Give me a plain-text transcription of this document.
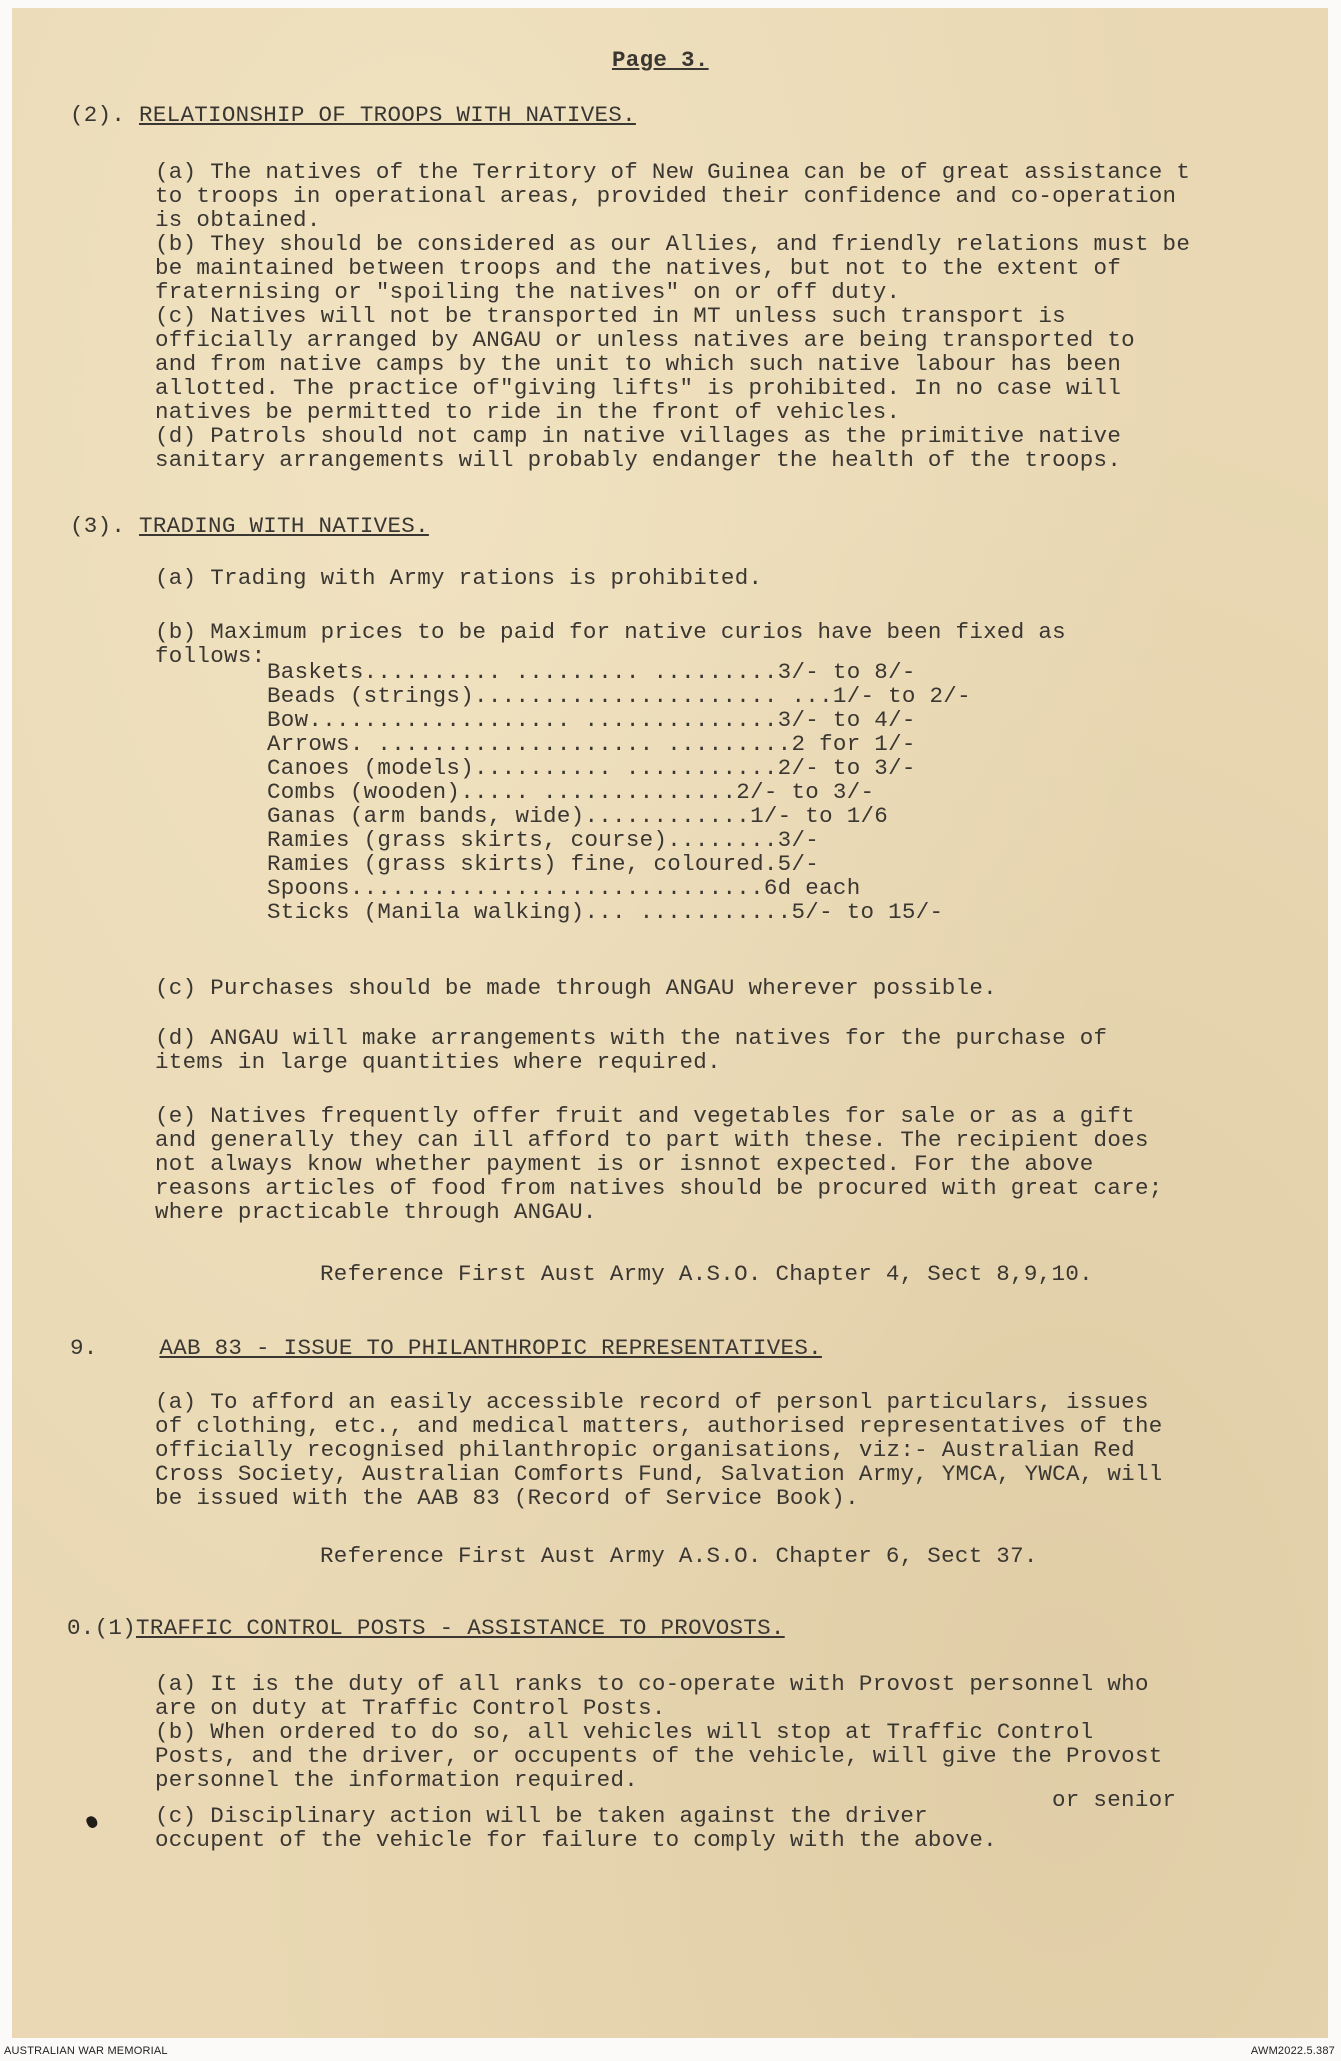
Page 3.
(2). RELATIONSHIP OF TROOPS WITH NATIVES.
(a) The natives of the Territory of New Guinea can be of great assistance t
to troops in operational areas, provided their confidence and co-operation
is obtained.
(b) They should be considered as our Allies, and friendly relations must be
be maintained between troops and the natives, but not to the extent of
fraternising or "spoiling the natives" on or off duty.
(c) Natives will not be transported in MT unless such transport is
officially arranged by ANGAU or unless natives are being transported to
and from native camps by the unit to which such native labour has been
allotted. The practice of"giving lifts" is prohibited. In no case will
natives be permitted to ride in the front of vehicles.
(d) Patrols should not camp in native villages as the primitive native
sanitary arrangements will probably endanger the health of the troops.
(3). TRADING WITH NATIVES.
(a) Trading with Army rations is prohibited.
(b) Maximum prices to be paid for native curios have been fixed as
follows:
Baskets.......... ......... .........3/- to 8/-
Beads (strings)...................... ...1/- to 2/-
Bow................... ..............3/- to 4/-
Arrows. .................... .........2 for 1/-
Canoes (models).......... ...........2/- to 3/-
Combs (wooden)..... ..............2/- to 3/-
Ganas (arm bands, wide)............1/- to 1/6
Ramies (grass skirts, course)........3/-
Ramies (grass skirts) fine, coloured.5/-
Spoons..............................6d each
Sticks (Manila walking)... ...........5/- to 15/-
(c) Purchases should be made through ANGAU wherever possible.
(d) ANGAU will make arrangements with the natives for the purchase of
items in large quantities where required.
(e) Natives frequently offer fruit and vegetables for sale or as a gift
and generally they can ill afford to part with these. The recipient does
not always know whether payment is or isnnot expected. For the above
reasons articles of food from natives should be procured with great care;
where practicable through ANGAU.
Reference First Aust Army A.S.O. Chapter 4, Sect 8,9,10.
9.	AAB 83 - ISSUE TO PHILANTHROPIC REPRESENTATIVES.
(a) To afford an easily accessible record of personl particulars, issues
of clothing, etc., and medical matters, authorised representatives of the
officially recognised philanthropic organisations, viz:- Australian Red
Cross Society, Australian Comforts Fund, Salvation Army, YMCA, YWCA, will
be issued with the AAB 83 (Record of Service Book).
Reference First Aust Army A.S.O. Chapter 6, Sect 37.
0.(1)TRAFFIC CONTROL POSTS - ASSISTANCE TO PROVOSTS.
(a) It is the duty of all ranks to co-operate with Provost personnel who
are on duty at Traffic Control Posts.
(b) When ordered to do so, all vehicles will stop at Traffic Control
Posts, and the driver, or occupents of the vehicle, will give the Provost
personnel the information required.
or senior
(c) Disciplinary action will be taken against the driver
occupent of the vehicle for failure to comply with the above.
AUSTRALIAN WAR MEMORIAL	AWM2022.5.387
